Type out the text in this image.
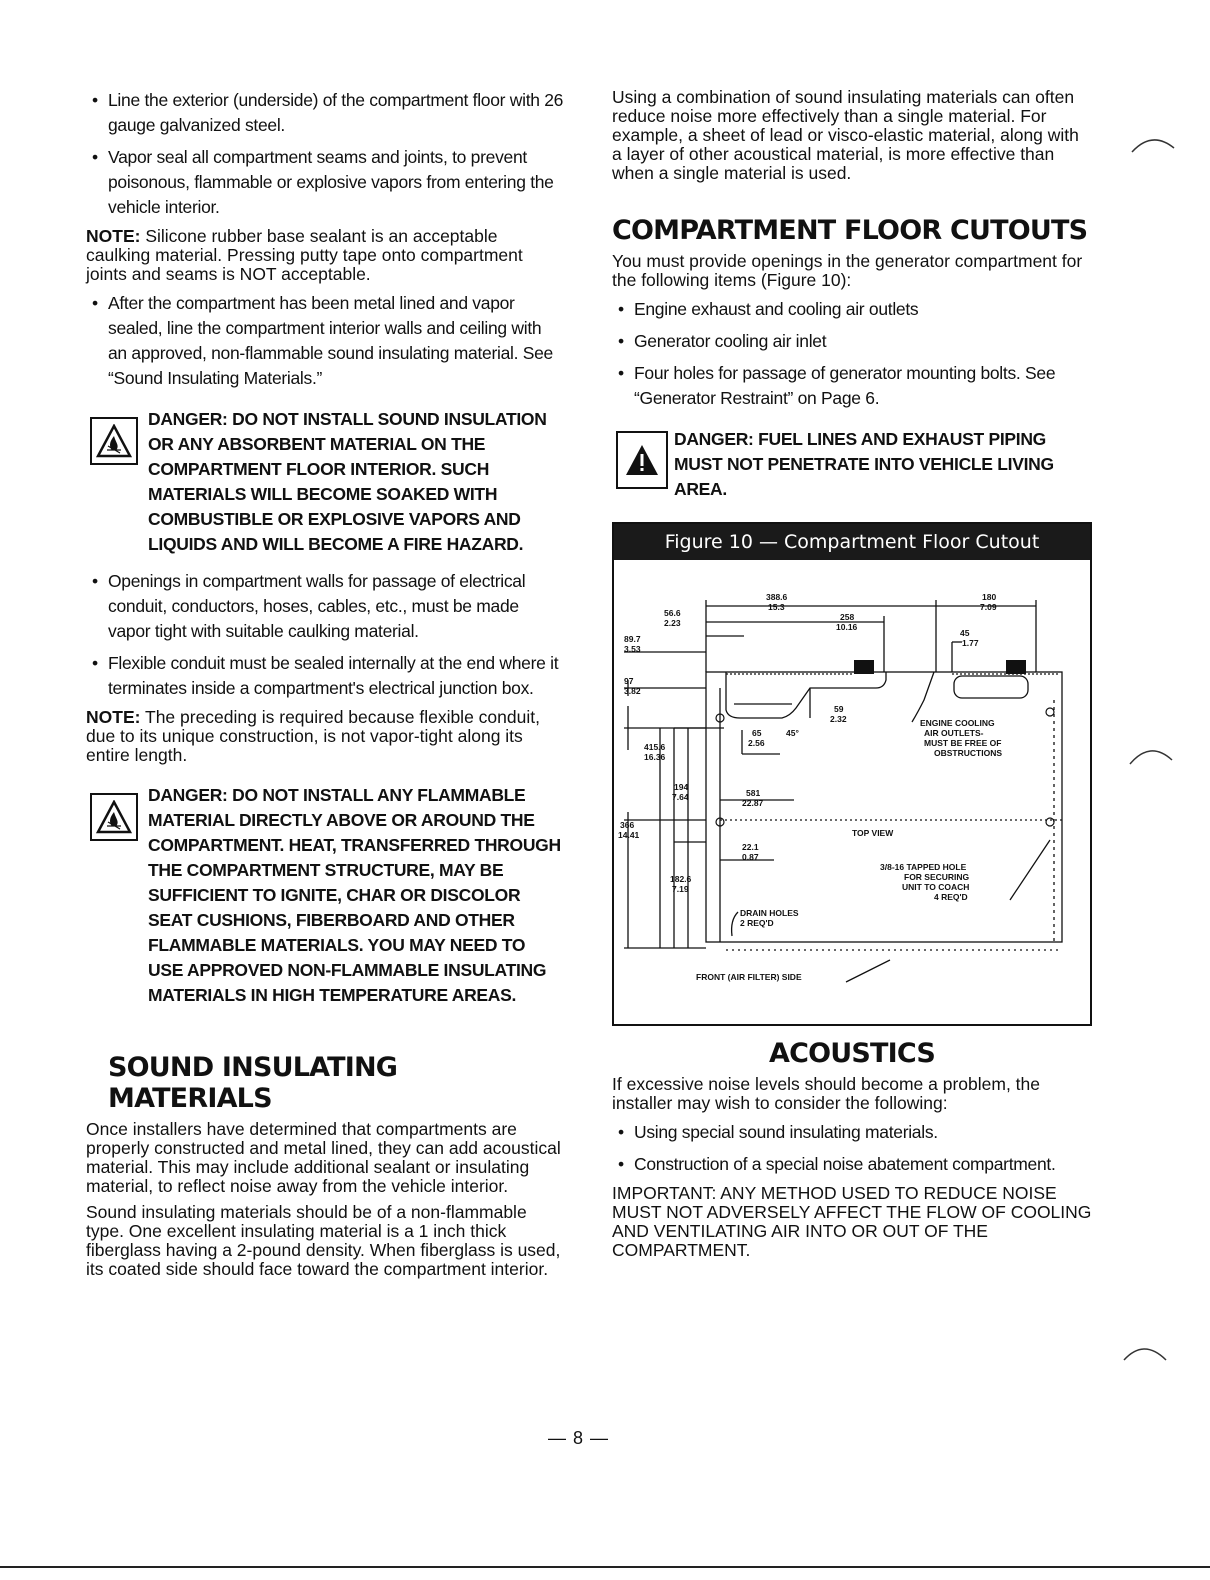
• Line the exterior (underside) of the compartment floor with 26 gauge galvanized steel.

• Vapor seal all compartment seams and joints, to prevent poisonous, flammable or explosive vapors from entering the vehicle interior.

NOTE: Silicone rubber base sealant is an acceptable caulking material. Pressing putty tape onto compartment joints and seams is NOT acceptable.

• After the compartment has been metal lined and vapor sealed, line the compartment interior walls and ceiling with an approved, non-flammable sound insulating material. See “Sound Insulating Materials.”

DANGER: DO NOT INSTALL SOUND INSULATION OR ANY ABSORBENT MATERIAL ON THE COMPARTMENT FLOOR INTERIOR. SUCH MATERIALS WILL BECOME SOAKED WITH COMBUSTIBLE OR EXPLOSIVE VAPORS AND LIQUIDS AND WILL BECOME A FIRE HAZARD.

• Openings in compartment walls for passage of electrical conduit, conductors, hoses, cables, etc., must be made vapor tight with suitable caulking material.

• Flexible conduit must be sealed internally at the end where it terminates inside a compartment's electrical junction box.

NOTE: The preceding is required because flexible conduit, due to its unique construction, is not vapor-tight along its entire length.

DANGER: DO NOT INSTALL ANY FLAMMABLE MATERIAL DIRECTLY ABOVE OR AROUND THE COMPARTMENT. HEAT, TRANSFERRED THROUGH THE COMPARTMENT STRUCTURE, MAY BE SUFFICIENT TO IGNITE, CHAR OR DISCOLOR SEAT CUSHIONS, FIBERBOARD AND OTHER FLAMMABLE MATERIALS. YOU MAY NEED TO USE APPROVED NON-FLAMMABLE INSULATING MATERIALS IN HIGH TEMPERATURE AREAS.
SOUND INSULATING MATERIALS

Once installers have determined that compartments are properly constructed and metal lined, they can add acoustical material. This may include additional sealant or insulating material, to reflect noise away from the vehicle interior.

Sound insulating materials should be of a non-flammable type. One excellent insulating material is a 1 inch thick fiberglass having a 2-pound density. When fiberglass is used, its coated side should face toward the compartment interior.

Using a combination of sound insulating materials can often reduce noise more effectively than a single material. For example, a sheet of lead or visco-elastic material, along with a layer of other acoustical material, is more effective than when a single material is used.

COMPARTMENT FLOOR CUTOUTS

You must provide openings in the generator compartment for the following items (Figure 10):

• Engine exhaust and cooling air outlets

• Generator cooling air inlet

• Four holes for passage of generator mounting bolts. See “Generator Restraint” on Page 6.

DANGER: FUEL LINES AND EXHAUST PIPING MUST NOT PENETRATE INTO VEHICLE LIVING AREA.
Figure 10 — Compartment Floor Cutout
388.6
15.3
180
7.09
56.6
2.23
258
10.16
45
1.77
89.7
3.53
97
3.82
59
2.32
65
2.56
45°
415.6
16.36
194
7.64	581
22.87
366
14.41
22.1
0.87
182.6
7.19
ENGINE COOLING
AIR OUTLETS-
MUST BE FREE OF
OBSTRUCTIONS
TOP VIEW
3/8-16 TAPPED HOLE
FOR SECURING
UNIT TO COACH
4 REQ'D
DRAIN HOLES
2 REQ'D
FRONT (AIR FILTER) SIDE
ACOUSTICS

If excessive noise levels should become a problem, the installer may wish to consider the following:

• Using special sound insulating materials.

• Construction of a special noise abatement compartment.

IMPORTANT: ANY METHOD USED TO REDUCE NOISE MUST NOT ADVERSELY AFFECT THE FLOW OF COOLING AND VENTILATING AIR INTO OR OUT OF THE COMPARTMENT.

— 8 —
